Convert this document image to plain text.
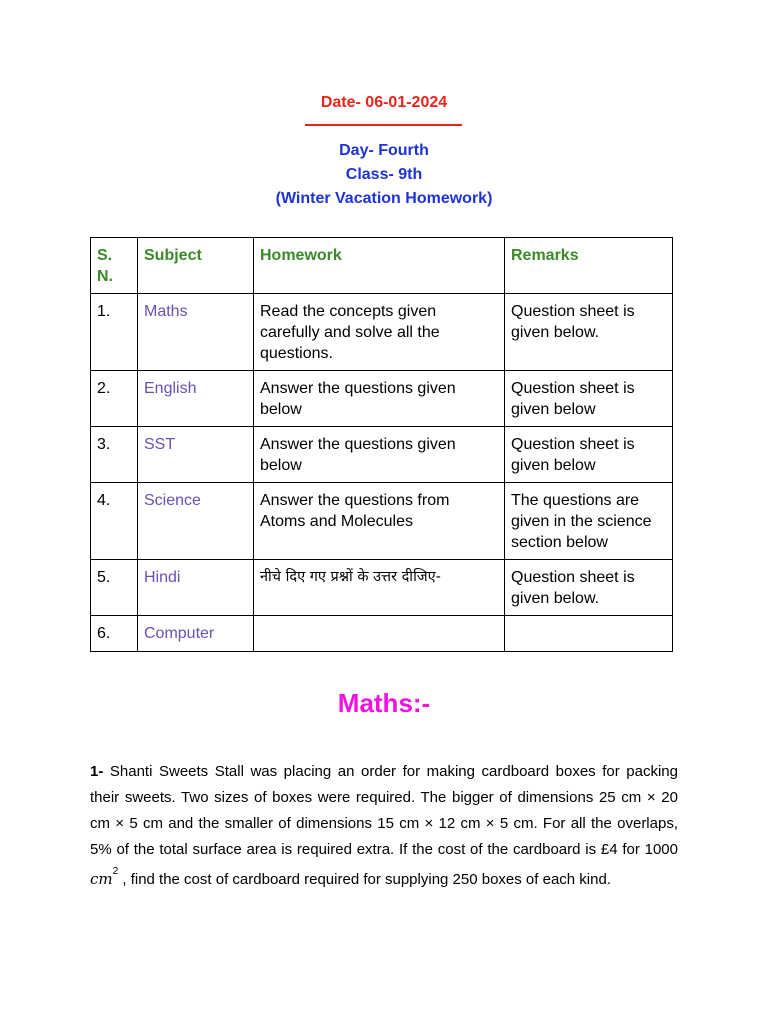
Date- 06-01-2024
Day- Fourth
Class- 9th
(Winter Vacation Homework)
S. N.	Subject	Homework	Remarks
1.	Maths	Read the concepts given carefully and solve all the questions.	Question sheet is given below.
2.	English	Answer the questions given below	Question sheet is given below
3.	SST	Answer the questions given below	Question sheet is given below
4.	Science	Answer the questions from Atoms and Molecules	The questions are given in the science section below
5.	Hindi	नीचे दिए गए प्रश्नों के उत्तर दीजिए-	Question sheet is given below.
6.	Computer		
Maths:-
1- Shanti Sweets Stall was placing an order for making cardboard boxes for packing their sweets. Two sizes of boxes were required. The bigger of dimensions 25 cm × 20 cm × 5 cm and the smaller of dimensions 15 cm × 12 cm × 5 cm. For all the overlaps, 5% of the total surface area is required extra. If the cost of the cardboard is £4 for 1000 $cm^2$ , find the cost of cardboard required for supplying 250 boxes of each kind.
